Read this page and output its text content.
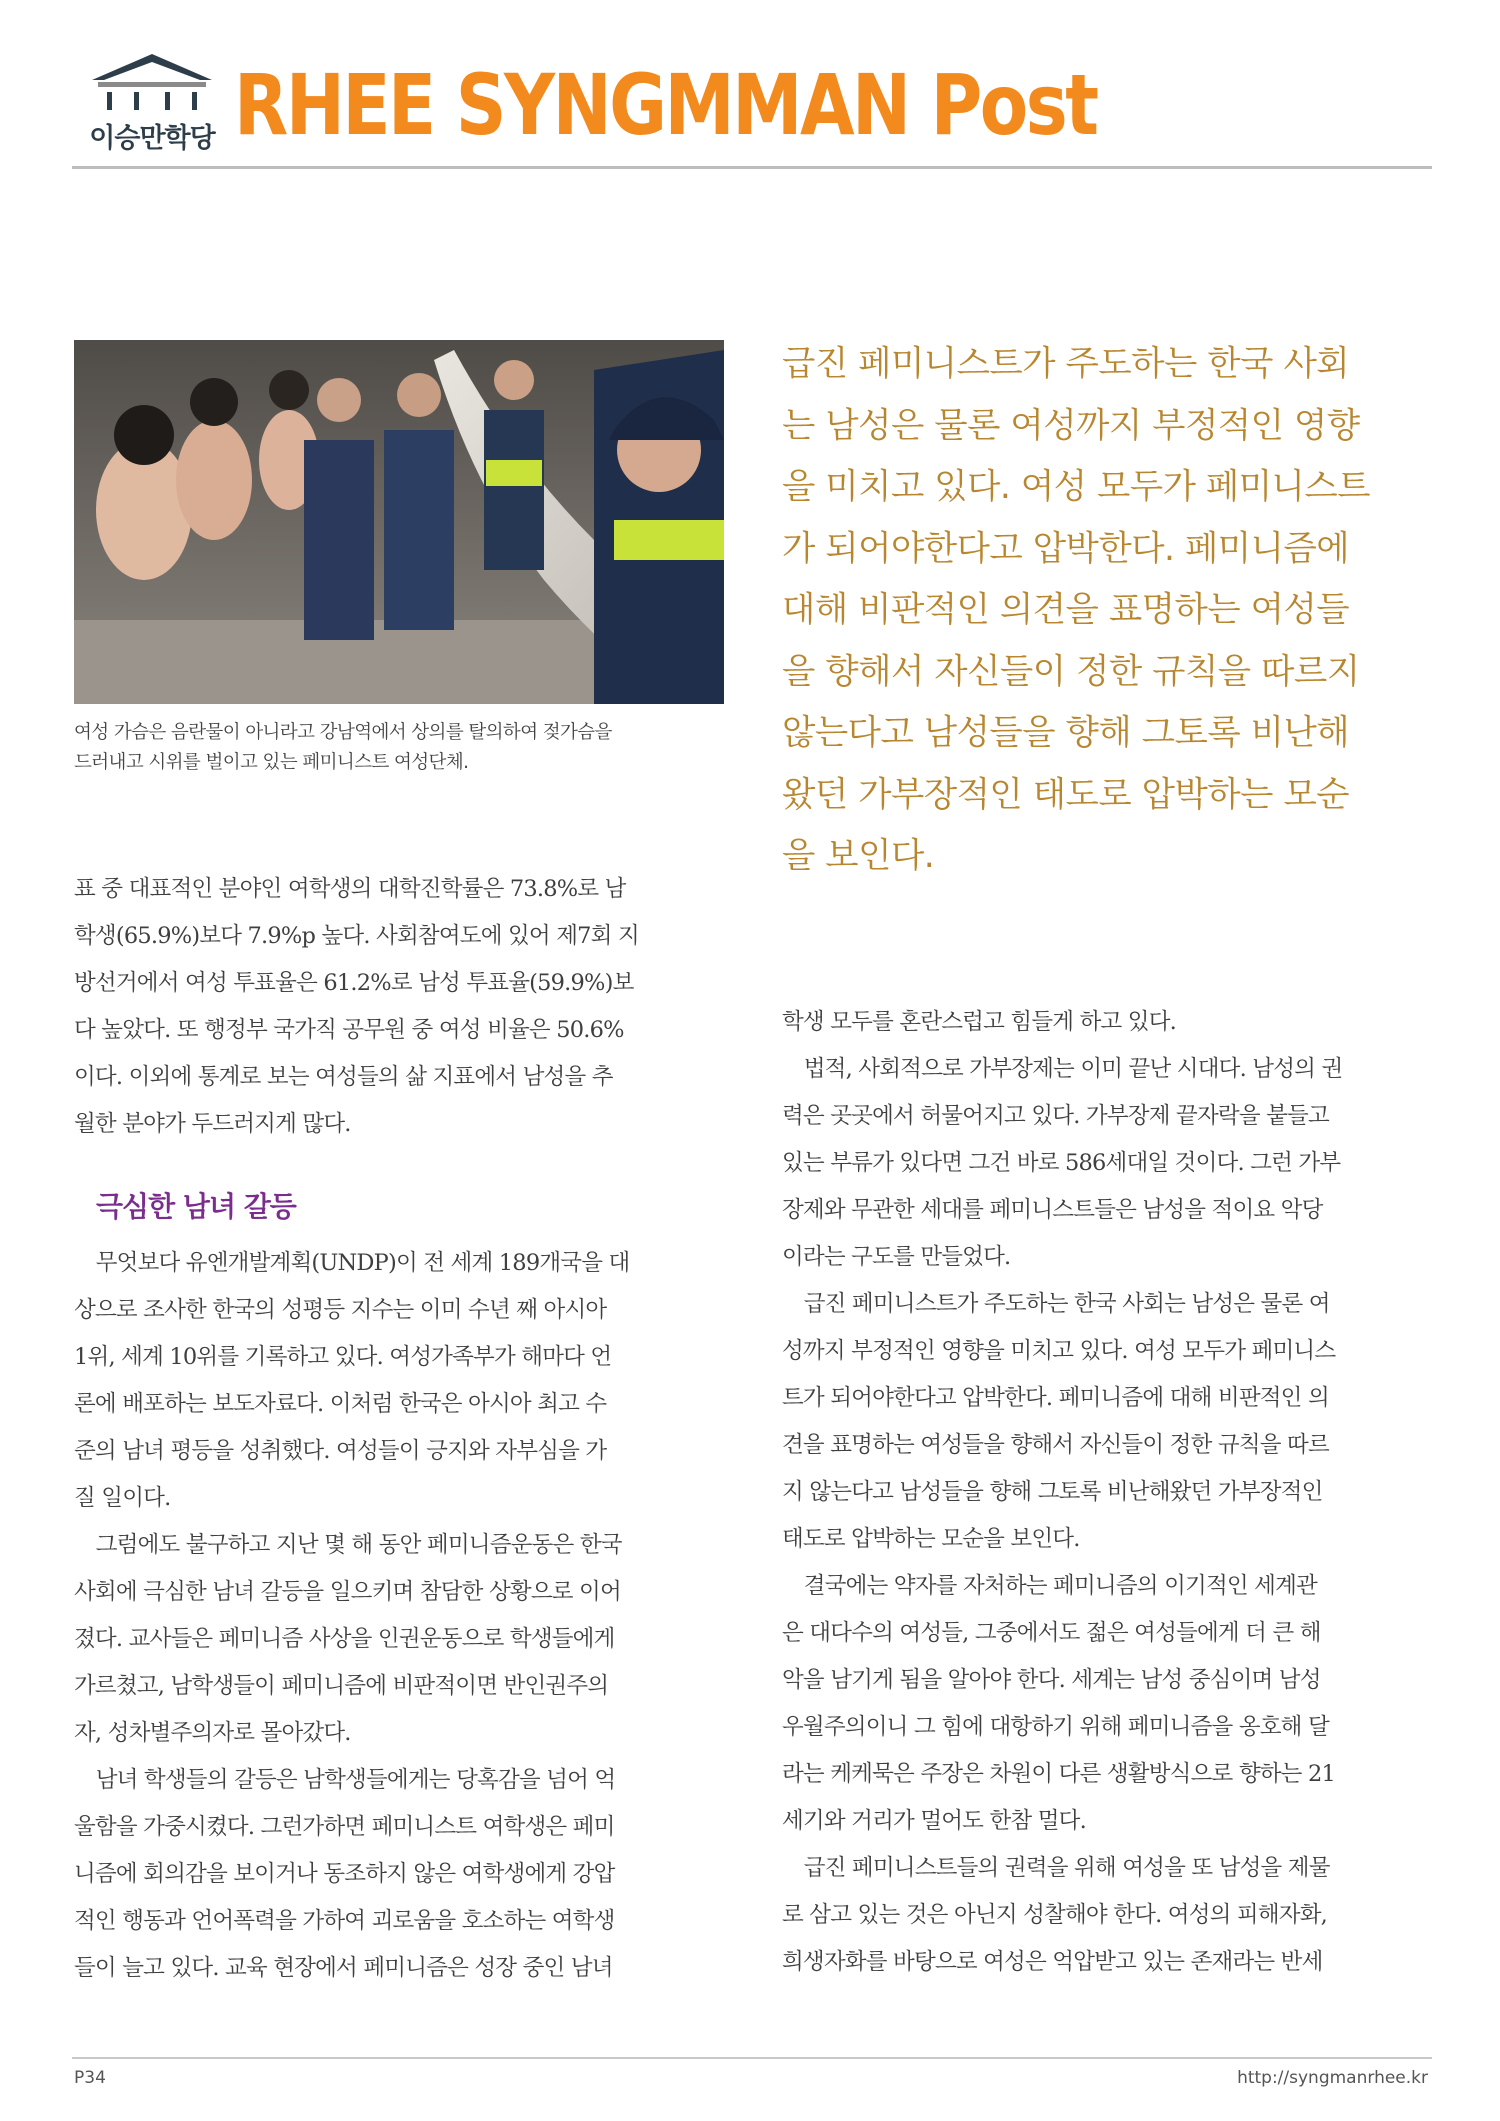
이승만학당 RHEE SYNGMMAN Post
여성 가슴은 음란물이 아니라고 강남역에서 상의를 탈의하여 젖가슴을
드러내고 시위를 벌이고 있는 페미니스트 여성단체.
급진 페미니스트가 주도하는 한국 사회
는 남성은 물론 여성까지 부정적인 영향
을 미치고 있다. 여성 모두가 페미니스트
가 되어야한다고 압박한다. 페미니즘에
대해 비판적인 의견을 표명하는 여성들
을 향해서 자신들이 정한 규칙을 따르지
않는다고 남성들을 향해 그토록 비난해
왔던 가부장적인 태도로 압박하는 모순
을 보인다.
표 중 대표적인 분야인 여학생의 대학진학률은 73.8%로 남
학생(65.9%)보다 7.9%p 높다. 사회참여도에 있어 제7회 지
방선거에서 여성 투표율은 61.2%로 남성 투표율(59.9%)보
다 높았다. 또 행정부 국가직 공무원 중 여성 비율은 50.6%
이다. 이외에 통계로 보는 여성들의 삶 지표에서 남성을 추
월한 분야가 두드러지게 많다.
극심한 남녀 갈등
　무엇보다 유엔개발계획(UNDP)이 전 세계 189개국을 대
상으로 조사한 한국의 성평등 지수는 이미 수년 째 아시아
1위, 세계 10위를 기록하고 있다. 여성가족부가 해마다 언
론에 배포하는 보도자료다. 이처럼 한국은 아시아 최고 수
준의 남녀 평등을 성취했다. 여성들이 긍지와 자부심을 가
질 일이다.
　그럼에도 불구하고 지난 몇 해 동안 페미니즘운동은 한국
사회에 극심한 남녀 갈등을 일으키며 참담한 상황으로 이어
졌다. 교사들은 페미니즘 사상을 인권운동으로 학생들에게
가르쳤고, 남학생들이 페미니즘에 비판적이면 반인권주의
자, 성차별주의자로 몰아갔다.
　남녀 학생들의 갈등은 남학생들에게는 당혹감을 넘어 억
울함을 가중시켰다. 그런가하면 페미니스트 여학생은 페미
니즘에 회의감을 보이거나 동조하지 않은 여학생에게 강압
적인 행동과 언어폭력을 가하여 괴로움을 호소하는 여학생
들이 늘고 있다. 교육 현장에서 페미니즘은 성장 중인 남녀
학생 모두를 혼란스럽고 힘들게 하고 있다.
　법적, 사회적으로 가부장제는 이미 끝난 시대다. 남성의 권
력은 곳곳에서 허물어지고 있다. 가부장제 끝자락을 붙들고
있는 부류가 있다면 그건 바로 586세대일 것이다. 그런 가부
장제와 무관한 세대를 페미니스트들은 남성을 적이요 악당
이라는 구도를 만들었다.
　급진 페미니스트가 주도하는 한국 사회는 남성은 물론 여
성까지 부정적인 영향을 미치고 있다. 여성 모두가 페미니스
트가 되어야한다고 압박한다. 페미니즘에 대해 비판적인 의
견을 표명하는 여성들을 향해서 자신들이 정한 규칙을 따르
지 않는다고 남성들을 향해 그토록 비난해왔던 가부장적인
태도로 압박하는 모순을 보인다.
　결국에는 약자를 자처하는 페미니즘의 이기적인 세계관
은 대다수의 여성들, 그중에서도 젊은 여성들에게 더 큰 해
악을 남기게 됨을 알아야 한다. 세계는 남성 중심이며 남성
우월주의이니 그 힘에 대항하기 위해 페미니즘을 옹호해 달
라는 케케묵은 주장은 차원이 다른 생활방식으로 향하는 21
세기와 거리가 멀어도 한참 멀다.
　급진 페미니스트들의 권력을 위해 여성을 또 남성을 제물
로 삼고 있는 것은 아닌지 성찰해야 한다. 여성의 피해자화,
희생자화를 바탕으로 여성은 억압받고 있는 존재라는 반세
P34	http://syngmanrhee.kr
